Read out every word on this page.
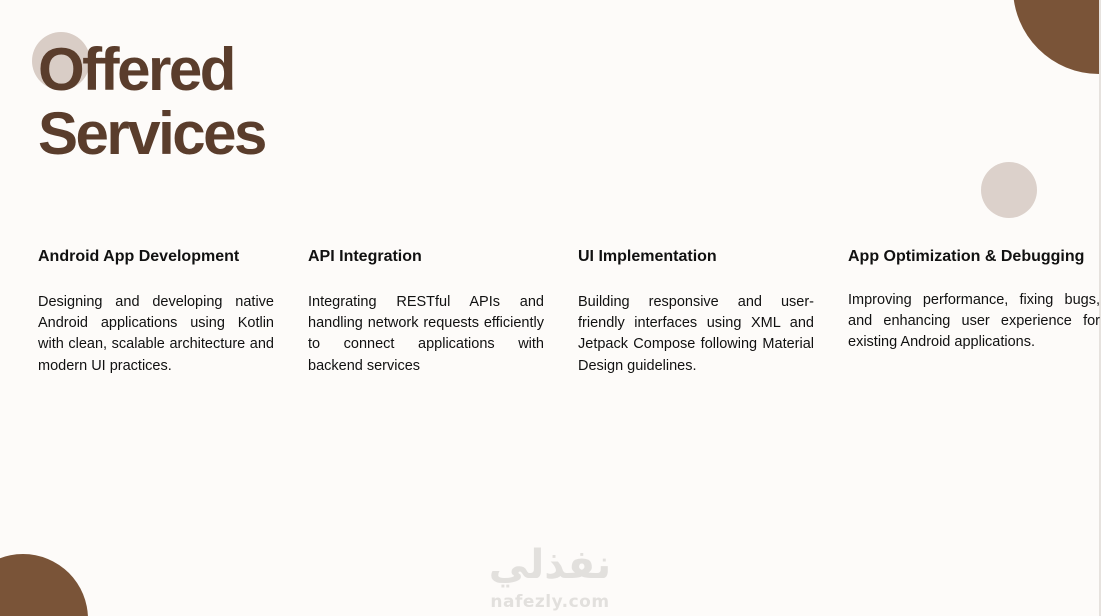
Offered
Services
Android App Development

Designing and developing native Android applications using Kotlin with clean, scalable architecture and modern UI practices.

API Integration

Integrating RESTful APIs and handling network requests efficiently to connect applications with backend services

UI Implementation

Building responsive and user-friendly interfaces using XML and Jetpack Compose following Material Design guidelines.

App Optimization & Debugging

Improving performance, fixing bugs, and enhancing user experience for existing Android applications.

نفذلي
nafezly.com
